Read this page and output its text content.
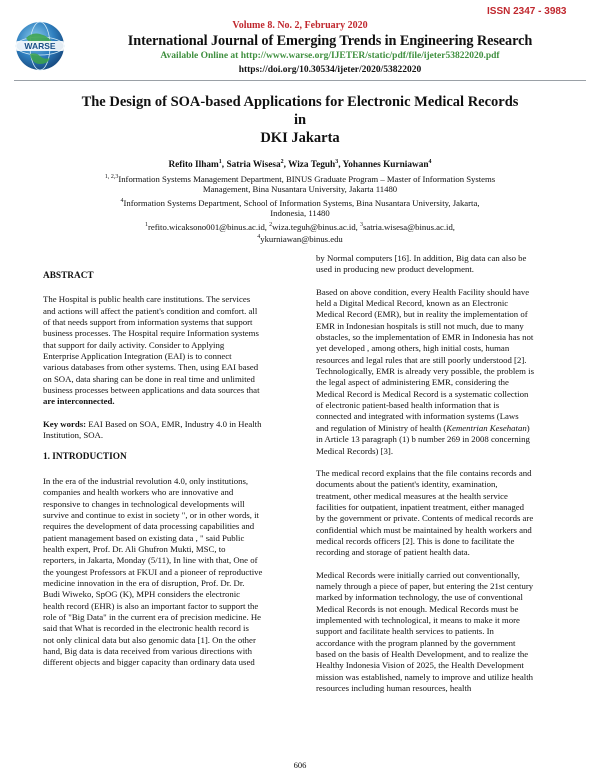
ISSN 2347 - 3983
WARSE
Volume 8. No. 2, February 2020
International Journal of Emerging Trends in Engineering Research
Available Online at http://www.warse.org/IJETER/static/pdf/file/ijeter53822020.pdf
https://doi.org/10.30534/ijeter/2020/53822020
The Design of SOA-based Applications for Electronic Medical Records in
DKI Jakarta
Refito Ilham$^1$, Satria Wisesa$^2$, Wiza Teguh$^3$, Yohannes Kurniawan$^4$
$^{1, 2,3}$Information Systems Management Department, BINUS Graduate Program – Master of Information Systems
Management, Bina Nusantara University, Jakarta 11480
$^4$Information Systems Department, School of Information Systems, Bina Nusantara University, Jakarta,
Indonesia, 11480
$^1$refito.wicaksono001@binus.ac.id, $^2$wiza.teguh@binus.ac.id, $^3$satria.wisesa@binus.ac.id,
$^4$ykurniawan@binus.edu
ABSTRACT
The Hospital is public health care institutions. The services
and actions will affect the patient's condition and comfort. all
of that needs support from information systems that support
business processes. The Hospital require Information systems
that support for daily activity. Consider to Applying
Enterprise Application Integration (EAI) is to connect
various databases from other systems. Then, using EAI based
on SOA, data sharing can be done in real time and unlimited
business processes between applications and data sources that
are interconnected.
Key words: EAI Based on SOA, EMR, Industry 4.0 in Health
Institution, SOA.
1. INTRODUCTION
In the era of the industrial revolution 4.0, only institutions,
companies and health workers who are innovative and
responsive to changes in technological developments will
survive and continue to exist in society ", or in other words, it
requires the development of data processing capabilities and
patient management based on existing data , " said Public
health expert, Prof. Dr. Ali Ghufron Mukti, MSC, to
reporters, in Jakarta, Monday (5/11), In line with that, One of
the youngest Professors at FKUI and a pioneer of reproductive
medicine innovation in the era of disruption, Prof. Dr. Dr.
Budi Wiweko, SpOG (K), MPH considers the electronic
health record (EHR) is also an important factor to support the
role of "Big Data" in the current era of precision medicine. He
said that What is recorded in the electronic health record is
not only clinical data but also genomic data [1]. On the other
hand, Big data is data received from various directions with
different objects and bigger capacity than ordinary data used
by Normal computers [16]. In addition, Big data can also be
used in producing new product development.
Based on above condition, every Health Facility should have
held a Digital Medical Record, known as an Electronic
Medical Record (EMR), but in reality the implementation of
EMR in Indonesian hospitals is still not much, due to many
obstacles, so the implementation of EMR in Indonesia has not
yet developed , among others, high initial costs, human
resources and legal rules that are still poorly understood [2].
Technologically, EMR is already very possible, the problem is
the legal aspect of administering EMR, considering the
Medical Record is Medical Record is a systematic collection
of electronic patient-based health information that is
connected and integrated with information systems (Laws
and regulation of Ministry of health (Kementrian Kesehatan)
in Article 13 paragraph (1) b number 269 in 2008 concerning
Medical Records) [3].
The medical record explains that the file contains records and
documents about the patient's identity, examination,
treatment, other medical measures at the health service
facilities for outpatient, inpatient treatment, either managed
by the government or private. Contents of medical records are
confidential which must be maintained by health workers and
medical records officers [2]. This is done to facilitate the
recording and storage of patient health data.
Medical Records were initially carried out conventionally,
namely through a piece of paper, but entering the 21st century
marked by information technology, the use of conventional
Medical Records is not enough. Medical Records must be
implemented with technological, it means to make it more
support and facilitate health services to patients. In
accordance with the program planned by the government
based on the basis of Health Development, and to realize the
Healthy Indonesia Vision of 2025, the Health Development
mission was established, namely to improve and utilize health
resources including human resources, health
606
